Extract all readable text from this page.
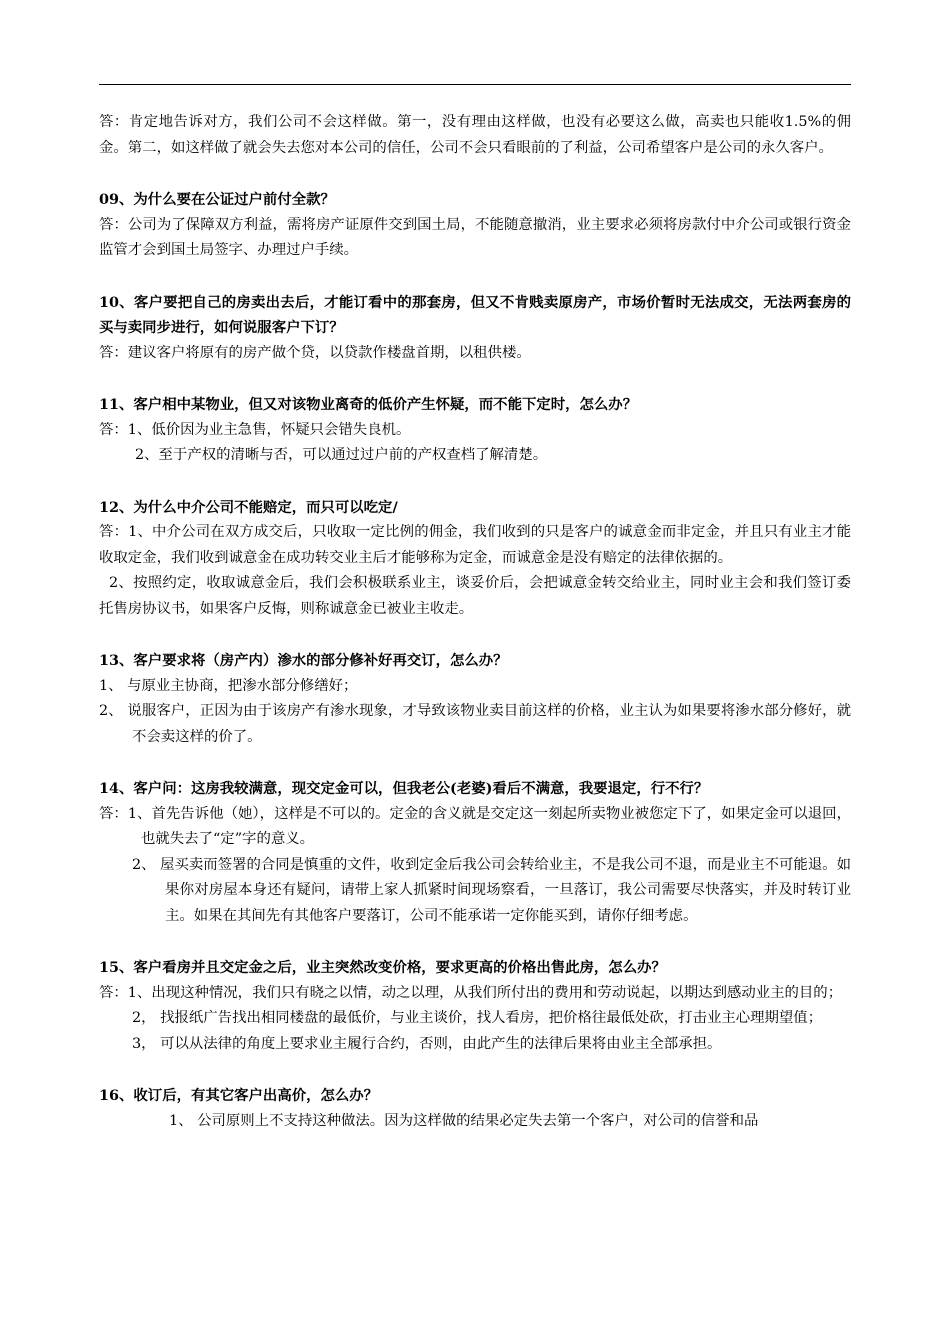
答：肯定地告诉对方，我们公司不会这样做。第一，没有理由这样做，也没有必要这么做，高卖也只能收1.5%的佣金。第二，如这样做了就会失去您对本公司的信任，公司不会只看眼前的了利益，公司希望客户是公司的永久客户。

09、为什么要在公证过户前付全款？

答：公司为了保障双方利益，需将房产证原件交到国土局，不能随意撤消，业主要求必须将房款付中介公司或银行资金监管才会到国土局签字、办理过户手续。

10、客户要把自己的房卖出去后，才能订看中的那套房，但又不肯贱卖原房产，市场价暂时无法成交，无法两套房的买与卖同步进行，如何说服客户下订？

答：建议客户将原有的房产做个贷，以贷款作楼盘首期，以租供楼。

11、客户相中某物业，但又对该物业离奇的低价产生怀疑，而不能下定时，怎么办？

答：1、低价因为业主急售，怀疑只会错失良机。

2、至于产权的清晰与否，可以通过过户前的产权查档了解清楚。

12、为什么中介公司不能赔定，而只可以吃定/

答：1、中介公司在双方成交后，只收取一定比例的佣金，我们收到的只是客户的诚意金而非定金，并且只有业主才能收取定金，我们收到诚意金在成功转交业主后才能够称为定金，而诚意金是没有赔定的法律依据的。

2、按照约定，收取诚意金后，我们会积极联系业主，谈妥价后，会把诚意金转交给业主，同时业主会和我们签订委托售房协议书，如果客户反悔，则称诚意金已被业主收走。

13、客户要求将（房产内）渗水的部分修补好再交订，怎么办？

1、 与原业主协商，把渗水部分修缮好；

2、 说服客户，正因为由于该房产有渗水现象，才导致该物业卖目前这样的价格，业主认为如果要将渗水部分修好，就不会卖这样的价了。

14、客户问：这房我较满意，现交定金可以，但我老公(老婆)看后不满意，我要退定，行不行？

答：1、首先告诉他（她），这样是不可以的。定金的含义就是交定这一刻起所卖物业被您定下了，如果定金可以退回，也就失去了“定”字的意义。

2、 屋买卖而签署的合同是慎重的文件，收到定金后我公司会转给业主，不是我公司不退，而是业主不可能退。如果你对房屋本身还有疑问，请带上家人抓紧时间现场察看，一旦落订，我公司需要尽快落实，并及时转订业主。如果在其间先有其他客户要落订，公司不能承诺一定你能买到，请你仔细考虑。

15、客户看房并且交定金之后，业主突然改变价格，要求更高的价格出售此房，怎么办？

答：1、出现这种情况，我们只有晓之以情，动之以理，从我们所付出的费用和劳动说起，以期达到感动业主的目的；

2， 找报纸广告找出相同楼盘的最低价，与业主谈价，找人看房，把价格往最低处砍，打击业主心理期望值；

3， 可以从法律的角度上要求业主履行合约，否则，由此产生的法律后果将由业主全部承担。

16、收订后，有其它客户出高价，怎么办？

1、 公司原则上不支持这种做法。因为这样做的结果必定失去第一个客户，对公司的信誉和品
